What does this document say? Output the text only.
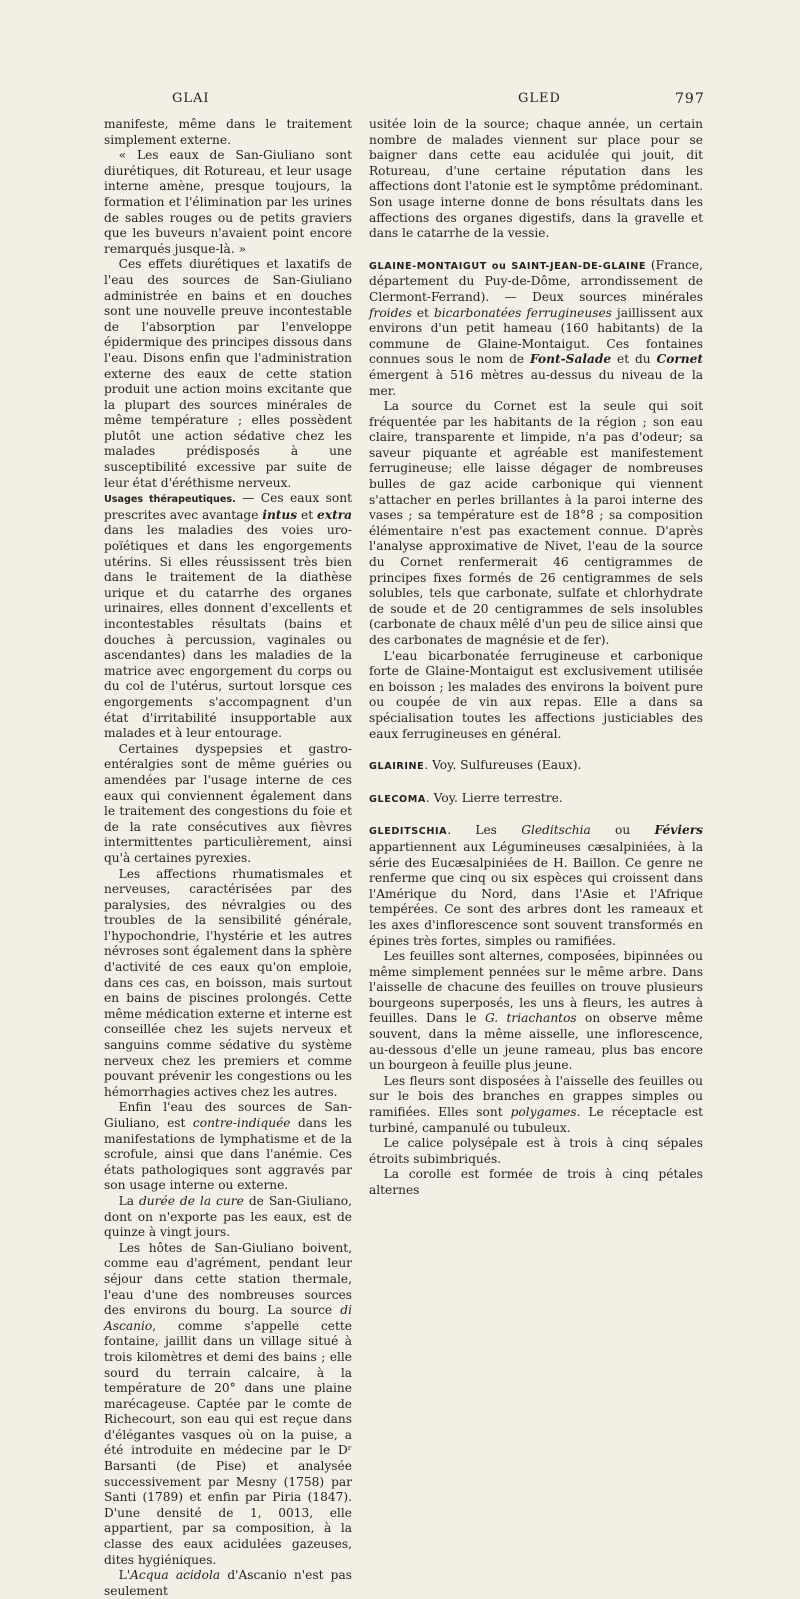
GLAI	GLED	797

manifeste, même dans le traitement simplement externe.

« Les eaux de San-Giuliano sont diurétiques, dit Rotureau, et leur usage interne amène, presque toujours, la formation et l'élimination par les urines de sables rouges ou de petits graviers que les buveurs n'avaient point encore remarqués jusque-là. »

Ces effets diurétiques et laxatifs de l'eau des sources de San-Giuliano administrée en bains et en douches sont une nouvelle preuve incontestable de l'absorption par l'enveloppe épidermique des principes dissous dans l'eau. Disons enfin que l'administration externe des eaux de cette station produit une action moins excitante que la plupart des sources minérales de même température ; elles possèdent plutôt une action sédative chez les malades prédisposés à une susceptibilité excessive par suite de leur état d'éréthisme nerveux.

Usages thérapeutiques. — Ces eaux sont prescrites avec avantage intus et extra dans les maladies des voies uro-poïétiques et dans les engorgements utérins. Si elles réussissent très bien dans le traitement de la diathèse urique et du catarrhe des organes urinaires, elles donnent d'excellents et incontestables résultats (bains et douches à percussion, vaginales ou ascendantes) dans les maladies de la matrice avec engorgement du corps ou du col de l'utérus, surtout lorsque ces engorgements s'accompagnent d'un état d'irritabilité insupportable aux malades et à leur entourage.

Certaines dyspepsies et gastro-entéralgies sont de même guéries ou amendées par l'usage interne de ces eaux qui conviennent également dans le traitement des congestions du foie et de la rate consécutives aux fièvres intermittentes particulièrement, ainsi qu'à certaines pyrexies.

Les affections rhumatismales et nerveuses, caractérisées par des paralysies, des névralgies ou des troubles de la sensibilité générale, l'hypochondrie, l'hystérie et les autres névroses sont également dans la sphère d'activité de ces eaux qu'on emploie, dans ces cas, en boisson, mais surtout en bains de piscines prolongés. Cette même médication externe et interne est conseillée chez les sujets nerveux et sanguins comme sédative du système nerveux chez les premiers et comme pouvant prévenir les congestions ou les hémorrhagies actives chez les autres.

Enfin l'eau des sources de San-Giuliano, est contre-indiquée dans les manifestations de lymphatisme et de la scrofule, ainsi que dans l'anémie. Ces états pathologiques sont aggravés par son usage interne ou externe.

La durée de la cure de San-Giuliano, dont on n'exporte pas les eaux, est de quinze à vingt jours.

Les hôtes de San-Giuliano boivent, comme eau d'agrément, pendant leur séjour dans cette station thermale, l'eau d'une des nombreuses sources des environs du bourg. La source di Ascanio, comme s'appelle cette fontaine, jaillit dans un village situé à trois kilomètres et demi des bains ; elle sourd du terrain calcaire, à la température de 20° dans une plaine marécageuse. Captée par le comte de Richecourt, son eau qui est reçue dans d'élégantes vasques où on la puise, a été introduite en médecine par le Dʳ Barsanti (de Pise) et analysée successivement par Mesny (1758) par Santi (1789) et enfin par Piria (1847). D'une densité de 1, 0013, elle appartient, par sa composition, à la classe des eaux acidulées gazeuses, dites hygiéniques.

L'Acqua acidola d'Ascanio n'est pas seulement

usitée loin de la source; chaque année, un certain nombre de malades viennent sur place pour se baigner dans cette eau acidulée qui jouit, dit Rotureau, d'une certaine réputation dans les affections dont l'atonie est le symptôme prédominant. Son usage interne donne de bons résultats dans les affections des organes digestifs, dans la gravelle et dans le catarrhe de la vessie.

GLAINE-MONTAIGUT ou SAINT-JEAN-DE-GLAINE (France, département du Puy-de-Dôme, arrondissement de Clermont-Ferrand). — Deux sources minérales froides et bicarbonatées ferrugineuses jaillissent aux environs d'un petit hameau (160 habitants) de la commune de Glaine-Montaigut. Ces fontaines connues sous le nom de Font-Salade et du Cornet émergent à 516 mètres au-dessus du niveau de la mer.

La source du Cornet est la seule qui soit fréquentée par les habitants de la région ; son eau claire, transparente et limpide, n'a pas d'odeur; sa saveur piquante et agréable est manifestement ferrugineuse; elle laisse dégager de nombreuses bulles de gaz acide carbonique qui viennent s'attacher en perles brillantes à la paroi interne des vases ; sa température est de 18°8 ; sa composition élémentaire n'est pas exactement connue. D'après l'analyse approximative de Nivet, l'eau de la source du Cornet renfermerait 46 centigrammes de principes fixes formés de 26 centigrammes de sels solubles, tels que carbonate, sulfate et chlorhydrate de soude et de 20 centigrammes de sels insolubles (carbonate de chaux mêlé d'un peu de silice ainsi que des carbonates de magnésie et de fer).

L'eau bicarbonatée ferrugineuse et carbonique forte de Glaine-Montaigut est exclusivement utilisée en boisson ; les malades des environs la boivent pure ou coupée de vin aux repas. Elle a dans sa spécialisation toutes les affections justiciables des eaux ferrugineuses en général.

GLAIRINE. Voy. Sulfureuses (Eaux).

GLECOMA. Voy. Lierre terrestre.

GLEDITSCHIA. Les Gleditschia ou Féviers appartiennent aux Légumineuses cæsalpiniées, à la série des Eucæsalpiniées de H. Baillon. Ce genre ne renferme que cinq ou six espèces qui croissent dans l'Amérique du Nord, dans l'Asie et l'Afrique tempérées. Ce sont des arbres dont les rameaux et les axes d'inflorescence sont souvent transformés en épines très fortes, simples ou ramifiées.

Les feuilles sont alternes, composées, bipinnées ou même simplement pennées sur le même arbre. Dans l'aisselle de chacune des feuilles on trouve plusieurs bourgeons superposés, les uns à fleurs, les autres à feuilles. Dans le G. triachantos on observe même souvent, dans la même aisselle, une inflorescence, au-dessous d'elle un jeune rameau, plus bas encore un bourgeon à feuille plus jeune.

Les fleurs sont disposées à l'aisselle des feuilles ou sur le bois des branches en grappes simples ou ramifiées. Elles sont polygames. Le réceptacle est turbiné, campanulé ou tubuleux.

Le calice polysépale est à trois à cinq sépales étroits subimbriqués.

La corolle est formée de trois à cinq pétales alternes
